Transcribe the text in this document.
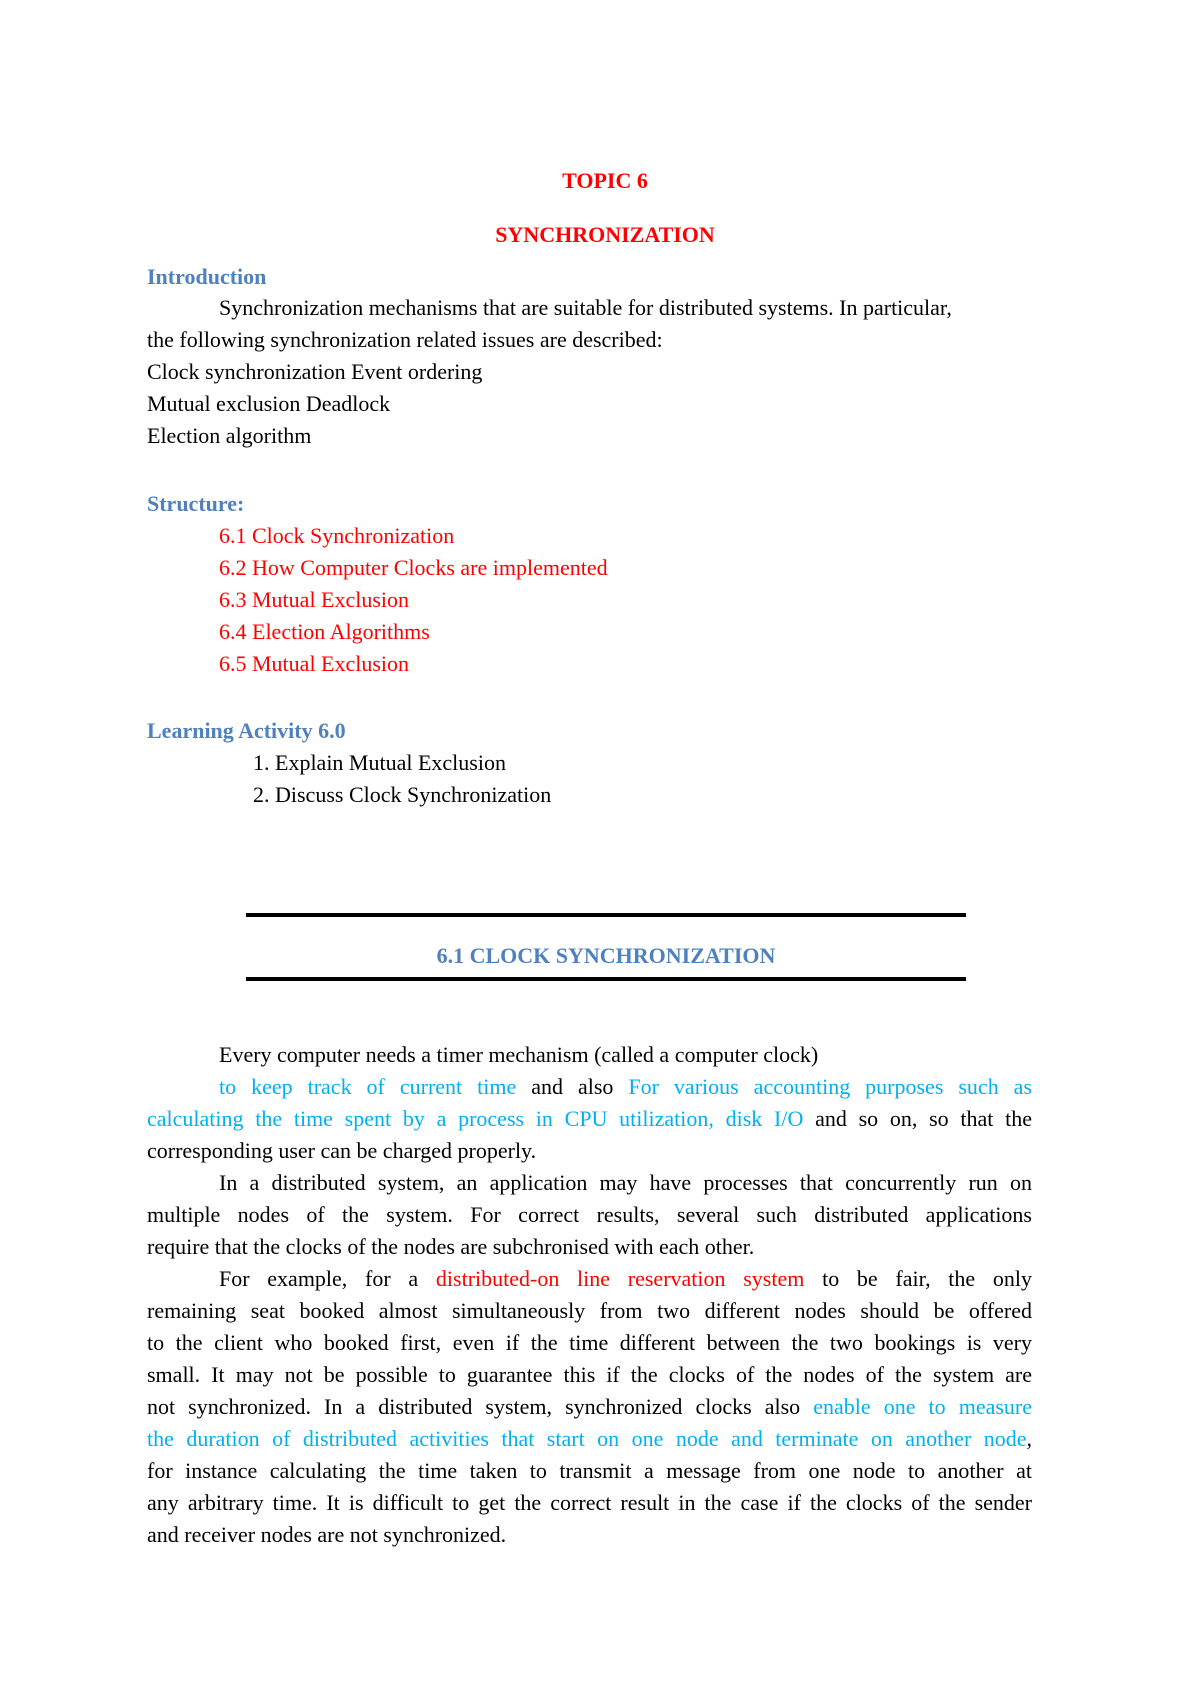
TOPIC 6
SYNCHRONIZATION
Introduction
Synchronization mechanisms that are suitable for distributed systems. In particular,
the following synchronization related issues are described:
Clock synchronization Event ordering
Mutual exclusion Deadlock
Election algorithm
Structure:
6.1 Clock Synchronization
6.2 How Computer Clocks are implemented
6.3 Mutual Exclusion
6.4 Election Algorithms
6.5 Mutual Exclusion
Learning Activity 6.0
1. Explain Mutual Exclusion
2. Discuss Clock Synchronization
6.1 CLOCK SYNCHRONIZATION
Every computer needs a timer mechanism (called a computer clock)
to keep track of current time and also For various accounting purposes such as
calculating the time spent by a process in CPU utilization, disk I/O and so on, so that the
corresponding user can be charged properly.
In a distributed system, an application may have processes that concurrently run on
multiple nodes of the system. For correct results, several such distributed applications
require that the clocks of the nodes are subchronised with each other.
For example, for a distributed-on line reservation system to be fair, the only
remaining seat booked almost simultaneously from two different nodes should be offered
to the client who booked first, even if the time different between the two bookings is very
small. It may not be possible to guarantee this if the clocks of the nodes of the system are
not synchronized. In a distributed system, synchronized clocks also enable one to measure
the duration of distributed activities that start on one node and terminate on another node,
for instance calculating the time taken to transmit a message from one node to another at
any arbitrary time. It is difficult to get the correct result in the case if the clocks of the sender
and receiver nodes are not synchronized.
